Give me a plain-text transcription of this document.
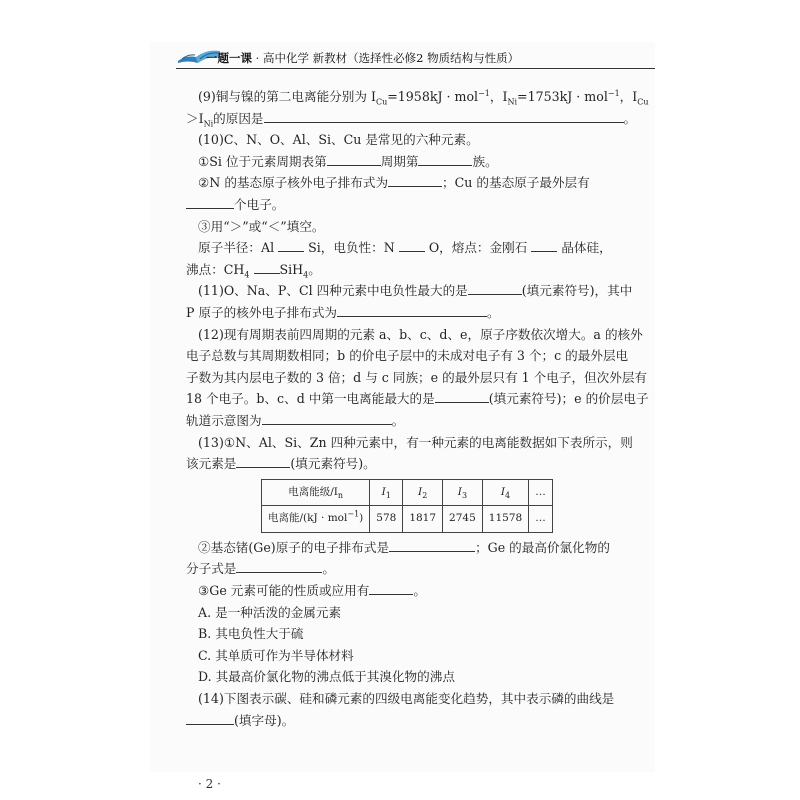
一题一课 · 高中化学 新教材（选择性必修2 物质结构与性质）

(9)铜与镍的第二电离能分别为 $I_{Cu}=1958kJ \cdot mol^{-1}$，$I_{Ni}=1753kJ \cdot mol^{-1}$，$I_{Cu}$

$>I_{Ni}$的原因是	。

(10)C、N、O、Al、Si、Cu 是常见的六种元素。

①Si 位于元素周期表第	周期第	族。

②N 的基态原子核外电子排布式为	；Cu 的基态原子最外层有

个电子。

③用“＞”或“＜”填空。

原子半径：Al	Si，电负性：N	O，熔点：金刚石	晶体硅，

沸点：$CH_4$ SiH$_4$。

(11)O、Na、P、Cl 四种元素中电负性最大的是	(填元素符号)，其中

P 原子的核外电子排布式为	。

(12)现有周期表前四周期的元素 a、b、c、d、e，原子序数依次增大。a 的核外

电子总数与其周期数相同；b 的价电子层中的未成对电子有 3 个；c 的最外层电

子数为其内层电子数的 3 倍；d 与 c 同族；e 的最外层只有 1 个电子，但次外层有

18 个电子。b、c、d 中第一电离能最大的是	(填元素符号)；e 的价层电子

轨道示意图为	。

(13)①N、Al、Si、Zn 四种元素中，有一种元素的电离能数据如下表所示，则

该元素是	(填元素符号)。

电离能级$/I_n$	$I_1$	$I_2$	$I_3$	$I_4$	…
电离能/(kJ · mol$^{-1}$)	578	1817	2745	11578	…

②基态锗(Ge)原子的电子排布式是	；Ge 的最高价氯化物的

分子式是	。

③Ge 元素可能的性质或应用有	。

A. 是一种活泼的金属元素

B. 其电负性大于硫

C. 其单质可作为半导体材料

D. 其最高价氯化物的沸点低于其溴化物的沸点

(14)下图表示碳、硅和磷元素的四级电离能变化趋势，其中表示磷的曲线是

(填字母)。

· 2 ·
